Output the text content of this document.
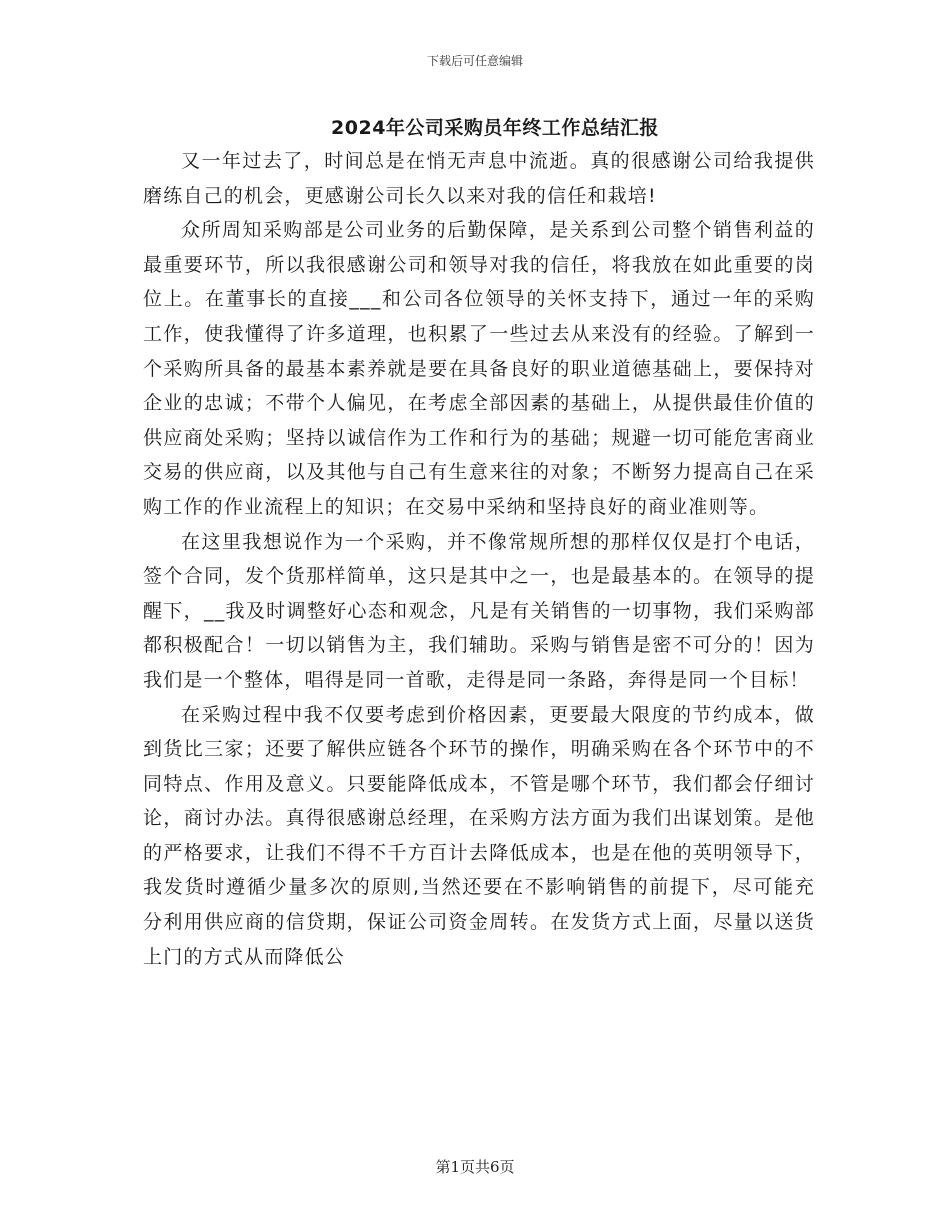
下载后可任意编辑
2024年公司采购员年终工作总结汇报

又一年过去了，时间总是在悄无声息中流逝。真的很感谢公司给我提供磨练自己的机会，更感谢公司长久以来对我的信任和栽培!

众所周知采购部是公司业务的后勤保障，是关系到公司整个销售利益的最重要环节，所以我很感谢公司和领导对我的信任，将我放在如此重要的岗位上。在董事长的直接___和公司各位领导的关怀支持下，通过一年的采购工作，使我懂得了许多道理，也积累了一些过去从来没有的经验。了解到一个采购所具备的最基本素养就是要在具备良好的职业道德基础上，要保持对企业的忠诚；不带个人偏见，在考虑全部因素的基础上，从提供最佳价值的供应商处采购；坚持以诚信作为工作和行为的基础；规避一切可能危害商业交易的供应商，以及其他与自己有生意来往的对象；不断努力提高自己在采购工作的作业流程上的知识；在交易中采纳和坚持良好的商业准则等。

在这里我想说作为一个采购，并不像常规所想的那样仅仅是打个电话，签个合同，发个货那样简单，这只是其中之一，也是最基本的。在领导的提醒下，__我及时调整好心态和观念，凡是有关销售的一切事物，我们采购部都积极配合！一切以销售为主，我们辅助。采购与销售是密不可分的！因为我们是一个整体，唱得是同一首歌，走得是同一条路，奔得是同一个目标！

在采购过程中我不仅要考虑到价格因素，更要最大限度的节约成本，做到货比三家；还要了解供应链各个环节的操作，明确采购在各个环节中的不同特点、作用及意义。只要能降低成本，不管是哪个环节，我们都会仔细讨论，商讨办法。真得很感谢总经理，在采购方法方面为我们出谋划策。是他的严格要求，让我们不得不千方百计去降低成本，也是在他的英明领导下，我发货时遵循少量多次的原则,当然还要在不影响销售的前提下，尽可能充分利用供应商的信贷期，保证公司资金周转。在发货方式上面，尽量以送货上门的方式从而降低公

第1页共6页
